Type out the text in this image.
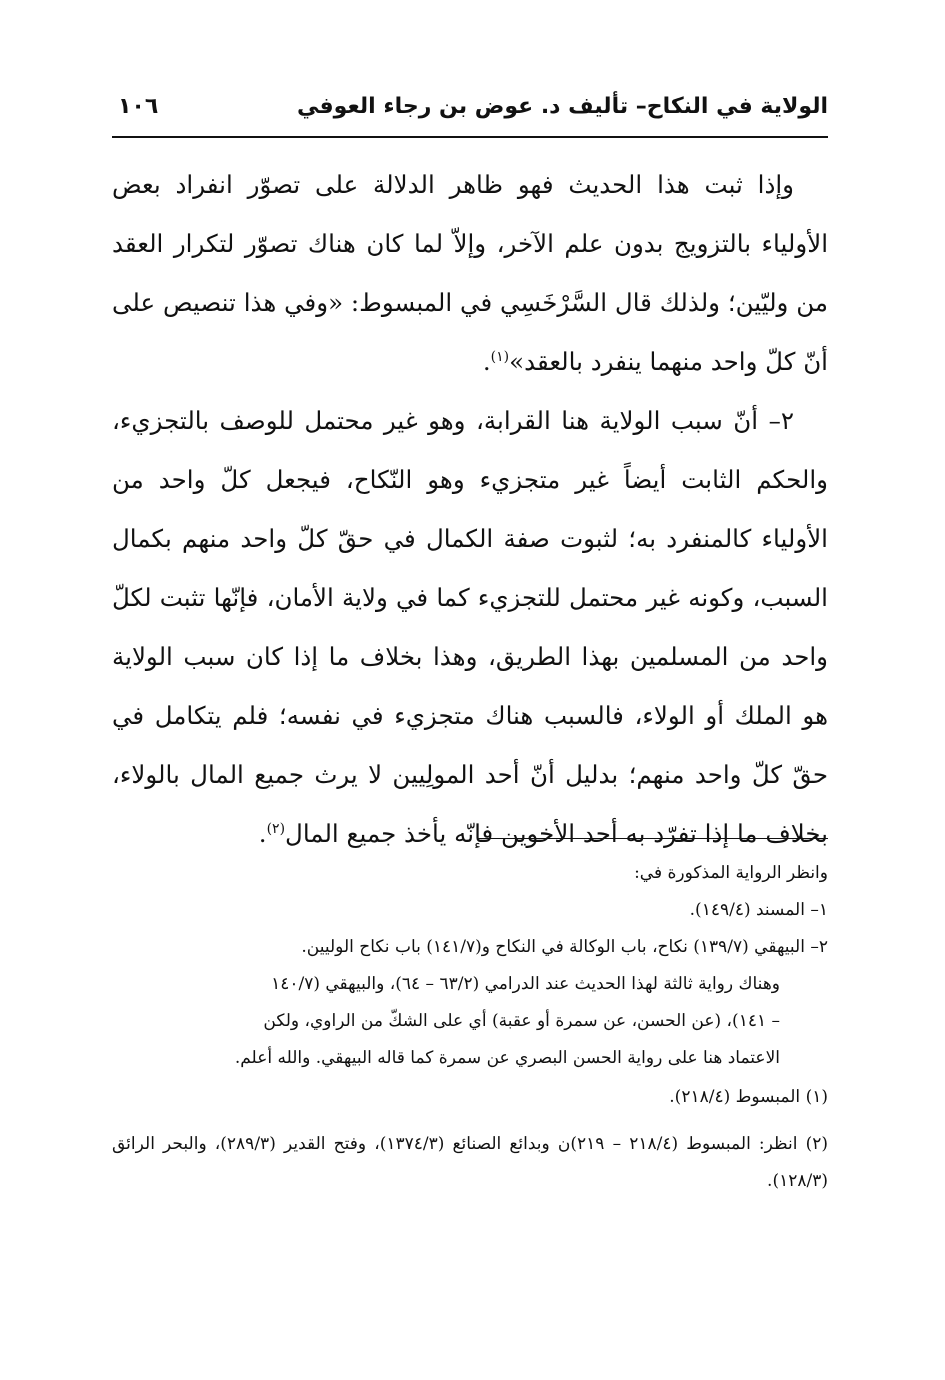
الولاية في النكاح– تأليف د. عوض بن رجاء العوفي
١٠٦

وإذا ثبت هذا الحديث فهو ظاهر الدلالة على تصوّر انفراد بعض الأولياء بالتزويج بدون علم الآخر، وإلاّ لما كان هناك تصوّر لتكرار العقد من وليّين؛ ولذلك قال السَّرْخَسِي في المبسوط: «وفي هذا تنصيص على أنّ كلّ واحد منهما ينفرد بالعقد»$^{(١)}$.

٢– أنّ سبب الولاية هنا القرابة، وهو غير محتمل للوصف بالتجزيء، والحكم الثابت أيضاً غير متجزيء وهو النّكاح، فيجعل كلّ واحد من الأولياء كالمنفرد به؛ لثبوت صفة الكمال في حقّ كلّ واحد منهم بكمال السبب، وكونه غير محتمل للتجزيء كما في ولاية الأمان، فإنّها تثبت لكلّ واحد من المسلمين بهذا الطريق، وهذا بخلاف ما إذا كان سبب الولاية هو الملك أو الولاء، فالسبب هناك متجزيء في نفسه؛ فلم يتكامل في حقّ كلّ واحد منهم؛ بدليل أنّ أحد المولِيين لا يرث جميع المال بالولاء، بخلاف ما إذا تفرّد به أحد الأخوين فإنّه يأخذ جميع المال$^{(٢)}$.

وانظر الرواية المذكورة في:
١– المسند (١٤٩/٤).
٢– البيهقي (١٣٩/٧) نكاح، باب الوكالة في النكاح و(١٤١/٧) باب نكاح الوليين.
وهناك رواية ثالثة لهذا الحديث عند الدرامي (٦٣/٢ – ٦٤)، والبيهقي (١٤٠/٧
– ١٤١)، (عن الحسن، عن سمرة أو عقبة) أي على الشكّ من الراوي، ولكن
الاعتماد هنا على رواية الحسن البصري عن سمرة كما قاله البيهقي. والله أعلم.
(١) المبسوط (٢١٨/٤).
(٢) انظر: المبسوط (٢١٨/٤ – ٢١٩)ن وبدائع الصنائع (١٣٧٤/٣)، وفتح القدير (٢٨٩/٣)، والبحر الرائق (١٢٨/٣).
